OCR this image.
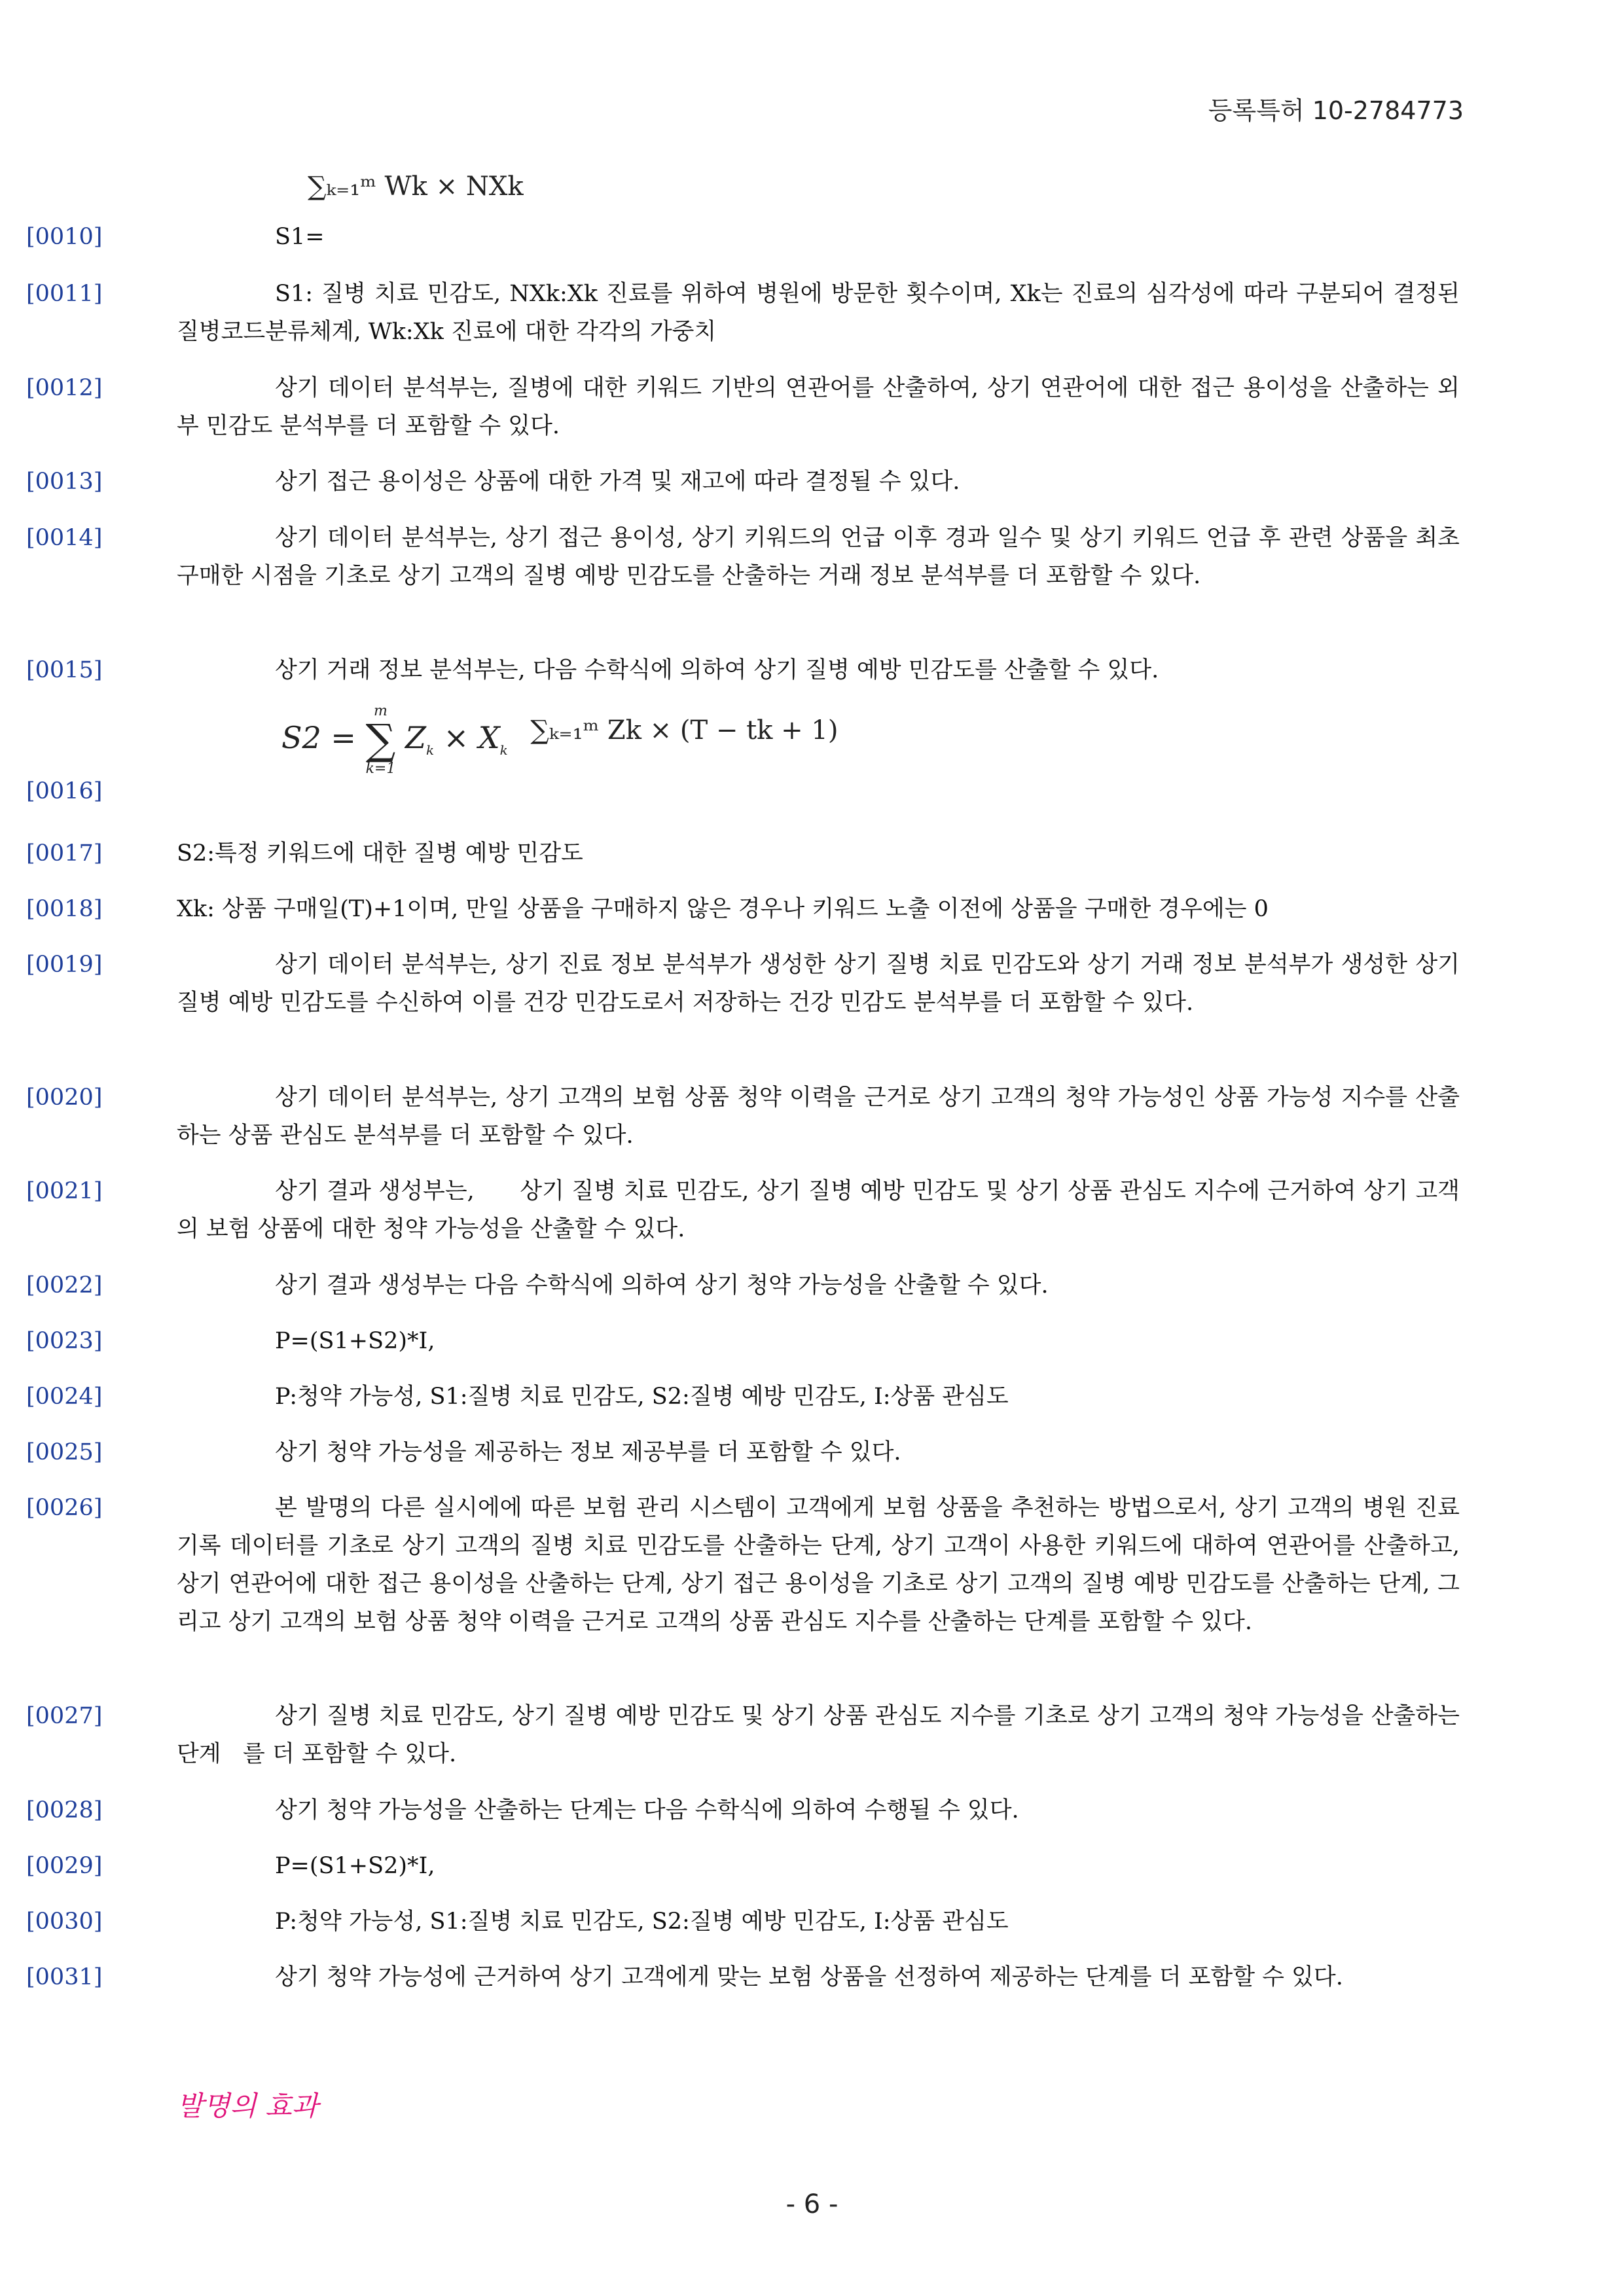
등록특허 10-2784773
∑ₖ₌₁ᵐ Wk × NXk
[0010]	S1=
[0011]	S1: 질병 치료 민감도, NXk:Xk 진료를 위하여 병원에 방문한 횟수이며, Xk는 진료의 심각성에 따라 구분되어 결정된 질병코드분류체계, Wk:Xk 진료에 대한 각각의 가중치
[0012]	상기 데이터 분석부는, 질병에 대한 키워드 기반의 연관어를 산출하여, 상기 연관어에 대한 접근 용이성을 산출하는 외부 민감도 분석부를 더 포함할 수 있다.
[0013]	상기 접근 용이성은 상품에 대한 가격 및 재고에 따라 결정될 수 있다.
[0014]	상기 데이터 분석부는, 상기 접근 용이성, 상기 키워드의 언급 이후 경과 일수 및 상기 키워드 언급 후 관련 상품을 최초 구매한 시점을 기초로 상기 고객의 질병 예방 민감도를 산출하는 거래 정보 분석부를 더 포함할 수 있다.
[0015]	상기 거래 정보 분석부는, 다음 수학식에 의하여 상기 질병 예방 민감도를 산출할 수 있다.
S2 =
m
∑
k=1
$Z_k \times X_k$ ∑ₖ₌₁ᵐ Zk × (T − tk + 1)
[0016]
[0017]	S2:특정 키워드에 대한 질병 예방 민감도
[0018]	Xk: 상품 구매일(T)+1이며, 만일 상품을 구매하지 않은 경우나 키워드 노출 이전에 상품을 구매한 경우에는 0
[0019]	상기 데이터 분석부는, 상기 진료 정보 분석부가 생성한 상기 질병 치료 민감도와 상기 거래 정보 분석부가 생성한 상기 질병 예방 민감도를 수신하여 이를 건강 민감도로서 저장하는 건강 민감도 분석부를 더 포함할 수 있다.
[0020]	상기 데이터 분석부는, 상기 고객의 보험 상품 청약 이력을 근거로 상기 고객의 청약 가능성인 상품 가능성 지수를 산출하는 상품 관심도 분석부를 더 포함할 수 있다.
[0021]	상기 결과 생성부는,      상기 질병 치료 민감도, 상기 질병 예방 민감도 및 상기 상품 관심도 지수에 근거하여 상기 고객의 보험 상품에 대한 청약 가능성을 산출할 수 있다.
[0022]	상기 결과 생성부는 다음 수학식에 의하여 상기 청약 가능성을 산출할 수 있다.
[0023]	P=(S1+S2)*I,
[0024]	P:청약 가능성, S1:질병 치료 민감도, S2:질병 예방 민감도, I:상품 관심도
[0025]	상기 청약 가능성을 제공하는 정보 제공부를 더 포함할 수 있다.
[0026]	본 발명의 다른 실시에에 따른 보험 관리 시스템이 고객에게 보험 상품을 추천하는 방법으로서, 상기 고객의 병원 진료 기록 데이터를 기초로 상기 고객의 질병 치료 민감도를 산출하는 단계, 상기 고객이 사용한 키워드에 대하여 연관어를 산출하고, 상기 연관어에 대한 접근 용이성을 산출하는 단계, 상기 접근 용이성을 기초로 상기 고객의 질병 예방 민감도를 산출하는 단계, 그리고 상기 고객의 보험 상품 청약 이력을 근거로 고객의 상품 관심도 지수를 산출하는 단계를 포함할 수 있다.
[0027]	상기 질병 치료 민감도, 상기 질병 예방 민감도 및 상기 상품 관심도 지수를 기초로 상기 고객의 청약 가능성을 산출하는 단계   를 더 포함할 수 있다.
[0028]	상기 청약 가능성을 산출하는 단계는 다음 수학식에 의하여 수행될 수 있다.
[0029]	P=(S1+S2)*I,
[0030]	P:청약 가능성, S1:질병 치료 민감도, S2:질병 예방 민감도, I:상품 관심도
[0031]	상기 청약 가능성에 근거하여 상기 고객에게 맞는 보험 상품을 선정하여 제공하는 단계를 더 포함할 수 있다.
발명의 효과
- 6 -
